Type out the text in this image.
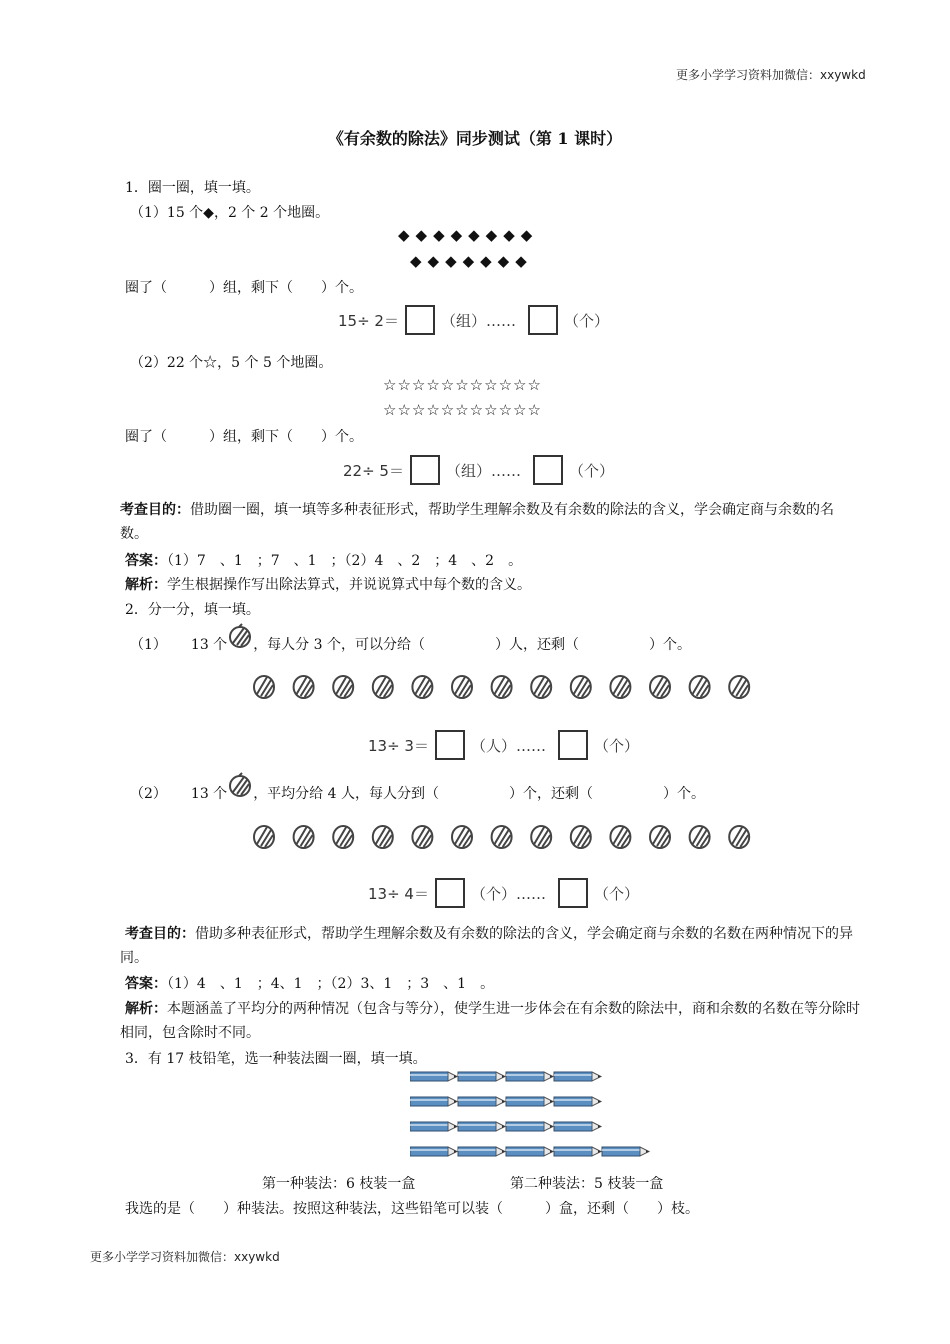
更多小学学习资料加微信：xxywkd
《有余数的除法》同步测试（第 1 课时）
1．圈一圈，填一填。
（1）15 个◆，2 个 2 个地圈。
◆◆◆◆◆◆◆◆
◆◆◆◆◆◆◆
圈了（　　　）组，剩下（　　）个。
15÷ 2＝	（组）……	（个）
（2）22 个☆，5 个 5 个地圈。
☆☆☆☆☆☆☆☆☆☆☆
☆☆☆☆☆☆☆☆☆☆☆
圈了（　　　）组，剩下（　　）个。
22÷ 5＝	（组）……	（个）
考查目的：借助圈一圈，填一填等多种表征形式，帮助学生理解余数及有余数的除法的含义，学会确定商与余数的名数。
答案：（1）7　、1　；7　、1　；（2）4　、2　；4　、2　。
解析：学生根据操作写出除法算式，并说说算式中每个数的含义。
2．分一分，填一填。
（1） 13 个 ，每人分 3 个，可以分给（　　　　　）人，还剩（　　　　　）个。
13÷ 3＝	（人）……	（个）
（2） 13 个 ，平均分给 4 人，每人分到（　　　　　）个，还剩（　　　　　）个。
13÷ 4＝	（个）……	（个）
考查目的：借助多种表征形式，帮助学生理解余数及有余数的除法的含义，学会确定商与余数的名数在两种情况下的异同。
答案：（1）4　、1　；4、1　；（2）3、1　；3　、1　。
解析：本题涵盖了平均分的两种情况（包含与等分），使学生进一步体会在有余数的除法中，商和余数的名数在等分除时相同，包含除时不同。
3．有 17 枝铅笔，选一种装法圈一圈，填一填。
第一种装法：6 枝装一盒	第二种装法：5 枝装一盒
我选的是（　　）种装法。按照这种装法，这些铅笔可以装（　　　）盒，还剩（　　）枝。
更多小学学习资料加微信：xxywkd
